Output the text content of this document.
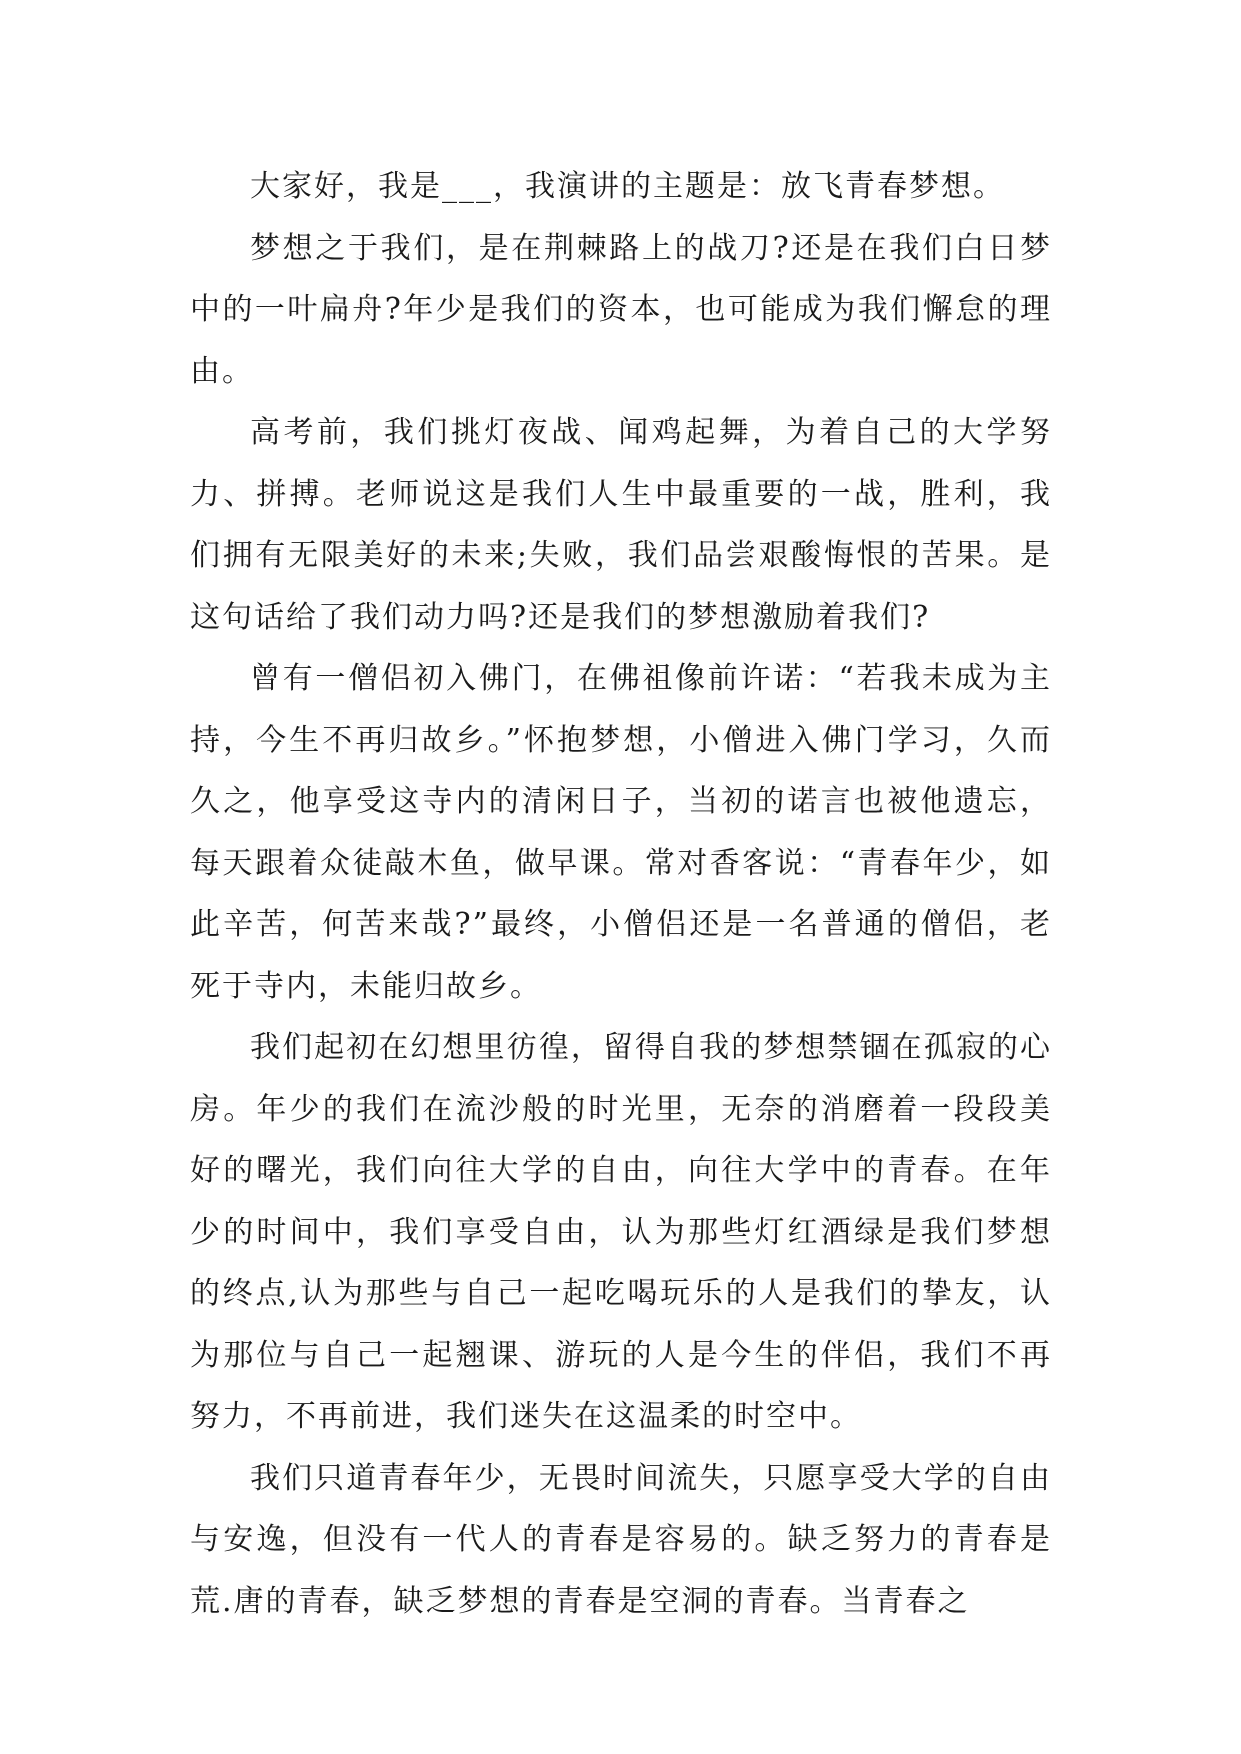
大家好，我是___，我演讲的主题是：放飞青春梦想。

梦想之于我们，是在荆棘路上的战刀?还是在我们白日梦中的一叶扁舟?年少是我们的资本，也可能成为我们懈怠的理由。

高考前，我们挑灯夜战、闻鸡起舞，为着自己的大学努力、拼搏。老师说这是我们人生中最重要的一战，胜利，我们拥有无限美好的未来;失败，我们品尝艰酸悔恨的苦果。是这句话给了我们动力吗?还是我们的梦想激励着我们?

曾有一僧侣初入佛门，在佛祖像前许诺：“若我未成为主持，今生不再归故乡。”怀抱梦想，小僧进入佛门学习，久而久之，他享受这寺内的清闲日子，当初的诺言也被他遗忘，每天跟着众徒敲木鱼，做早课。常对香客说：“青春年少，如此辛苦，何苦来哉?”最终，小僧侣还是一名普通的僧侣，老死于寺内，未能归故乡。

我们起初在幻想里彷徨，留得自我的梦想禁锢在孤寂的心房。年少的我们在流沙般的时光里，无奈的消磨着一段段美好的曙光，我们向往大学的自由，向往大学中的青春。在年少的时间中，我们享受自由，认为那些灯红酒绿是我们梦想的终点,认为那些与自己一起吃喝玩乐的人是我们的挚友，认为那位与自己一起翘课、游玩的人是今生的伴侣，我们不再努力，不再前进，我们迷失在这温柔的时空中。

我们只道青春年少，无畏时间流失，只愿享受大学的自由与安逸，但没有一代人的青春是容易的。缺乏努力的青春是荒.唐的青春，缺乏梦想的青春是空洞的青春。当青春之
